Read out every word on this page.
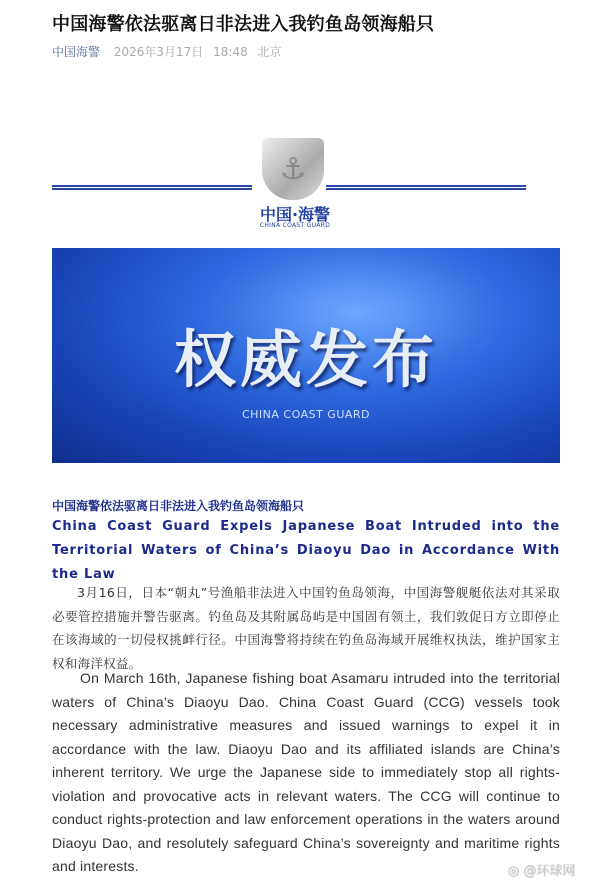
中国海警依法驱离日非法进入我钓鱼岛领海船只
中国海警 2026年3月17日 18:48 北京
⚓
中国·海警
CHINA COAST GUARD
权威发布
CHINA COAST GUARD
中国海警依法驱离日非法进入我钓鱼岛领海船只
China Coast Guard Expels Japanese Boat Intruded into the Territorial Waters of China’s Diaoyu Dao in Accordance With the Law
3月16日，日本“朝丸”号渔船非法进入中国钓鱼岛领海，中国海警舰艇依法对其采取必要管控措施并警告驱离。钓鱼岛及其附属岛屿是中国固有领土，我们敦促日方立即停止在该海域的一切侵权挑衅行径。中国海警将持续在钓鱼岛海域开展维权执法，维护国家主权和海洋权益。
On March 16th, Japanese fishing boat Asamaru intruded into the territorial waters of China’s Diaoyu Dao. China Coast Guard (CCG) vessels took necessary administrative measures and issued warnings to expel it in accordance with the law. Diaoyu Dao and its affiliated islands are China’s inherent territory. We urge the Japanese side to immediately stop all rights-violation and provocative acts in relevant waters. The CCG will continue to conduct rights-protection and law enforcement operations in the waters around Diaoyu Dao, and resolutely safeguard China’s sovereignty and maritime rights and interests.	◎ @环球网
